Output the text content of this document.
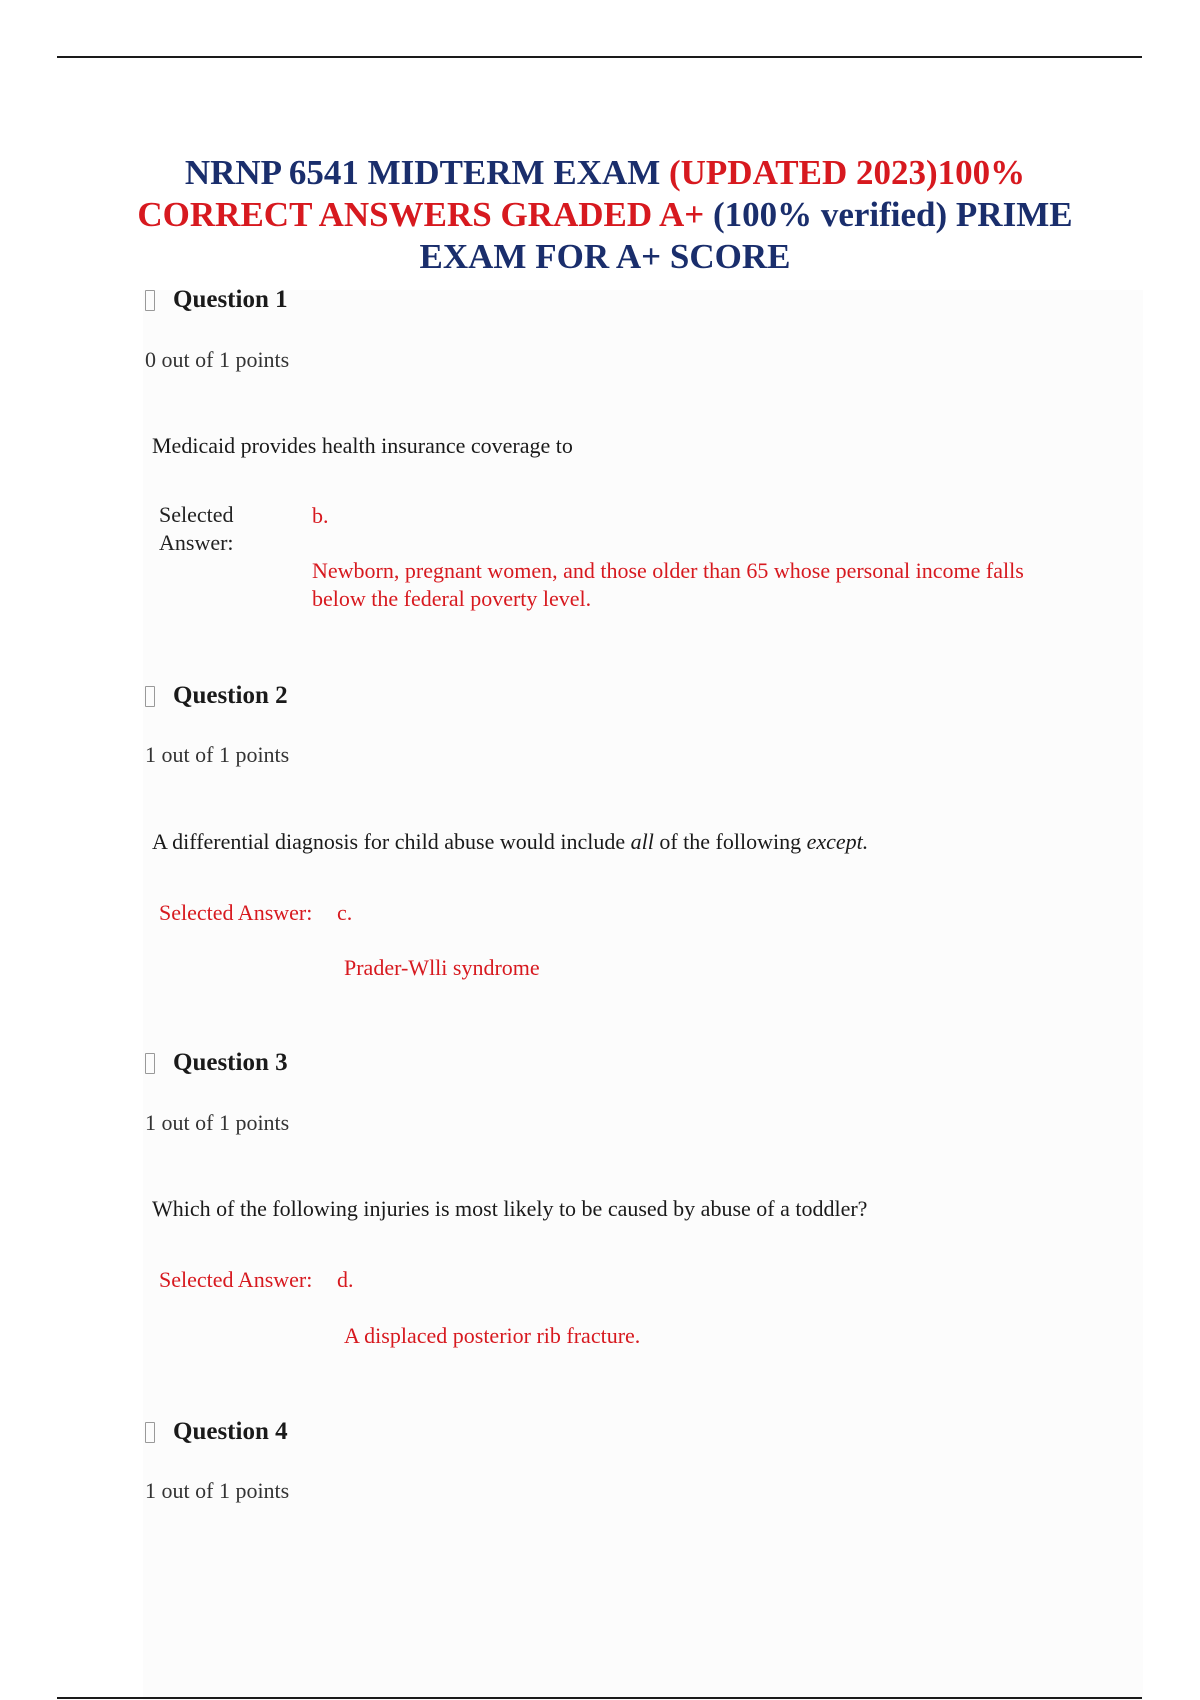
NRNP 6541 MIDTERM EXAM (UPDATED 2023)100% CORRECT ANSWERS GRADED A+ (100% verified) PRIME EXAM FOR A+ SCORE
Question 1
0 out of 1 points
Medicaid provides health insurance coverage to
Selected Answer:
b.
Newborn, pregnant women, and those older than 65 whose personal income falls below the federal poverty level.
Question 2
1 out of 1 points
A differential diagnosis for child abuse would include all of the following except.
Selected Answer: c.
Prader-Wlli syndrome
Question 3
1 out of 1 points
Which of the following injuries is most likely to be caused by abuse of a toddler?
Selected Answer: d.
A displaced posterior rib fracture.
Question 4
1 out of 1 points
